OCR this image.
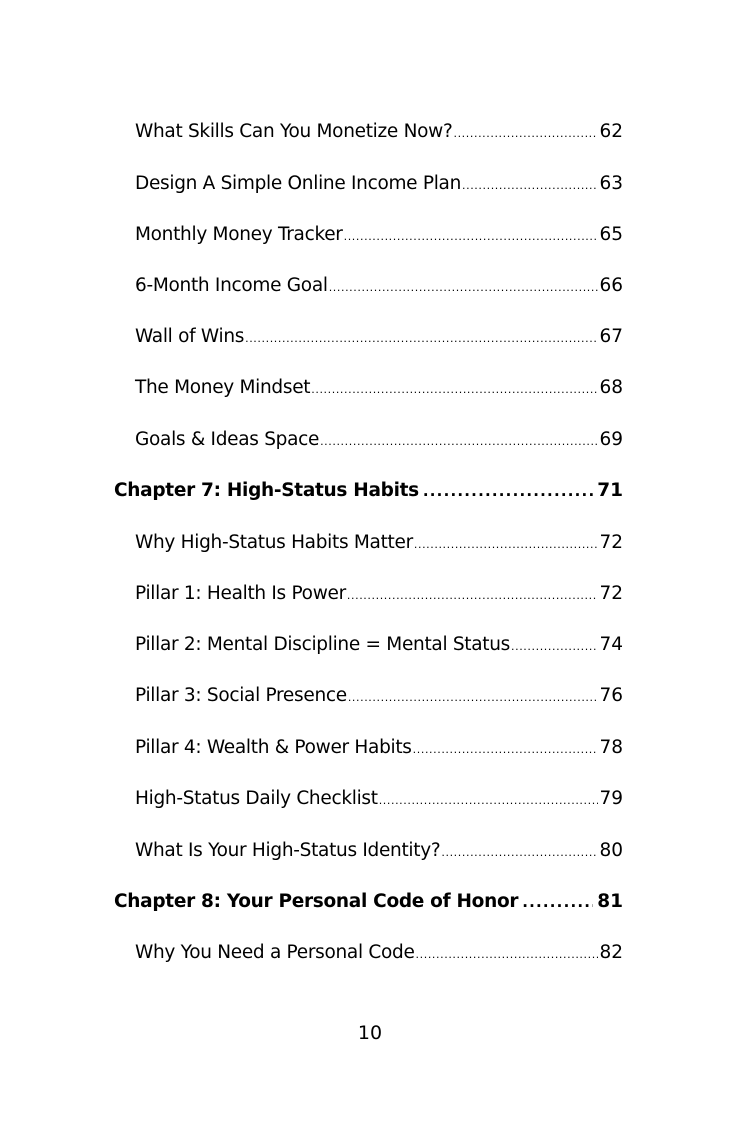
What Skills Can You Monetize Now? .....	62
Design A Simple Online Income Plan .....	63
Monthly Money Tracker .....	65
6-Month Income Goal .....	66
Wall of Wins .....	67
The Money Mindset .....	68
Goals & Ideas Space .....	69
Chapter 7: High-Status Habits .....	71
Why High-Status Habits Matter .....	72
Pillar 1: Health Is Power .....	72
Pillar 2: Mental Discipline = Mental Status .....	74
Pillar 3: Social Presence .....	76
Pillar 4: Wealth & Power Habits .....	78
High-Status Daily Checklist .....	79
What Is Your High-Status Identity? .....	80
Chapter 8: Your Personal Code of Honor .....	81
Why You Need a Personal Code .....	82
10
